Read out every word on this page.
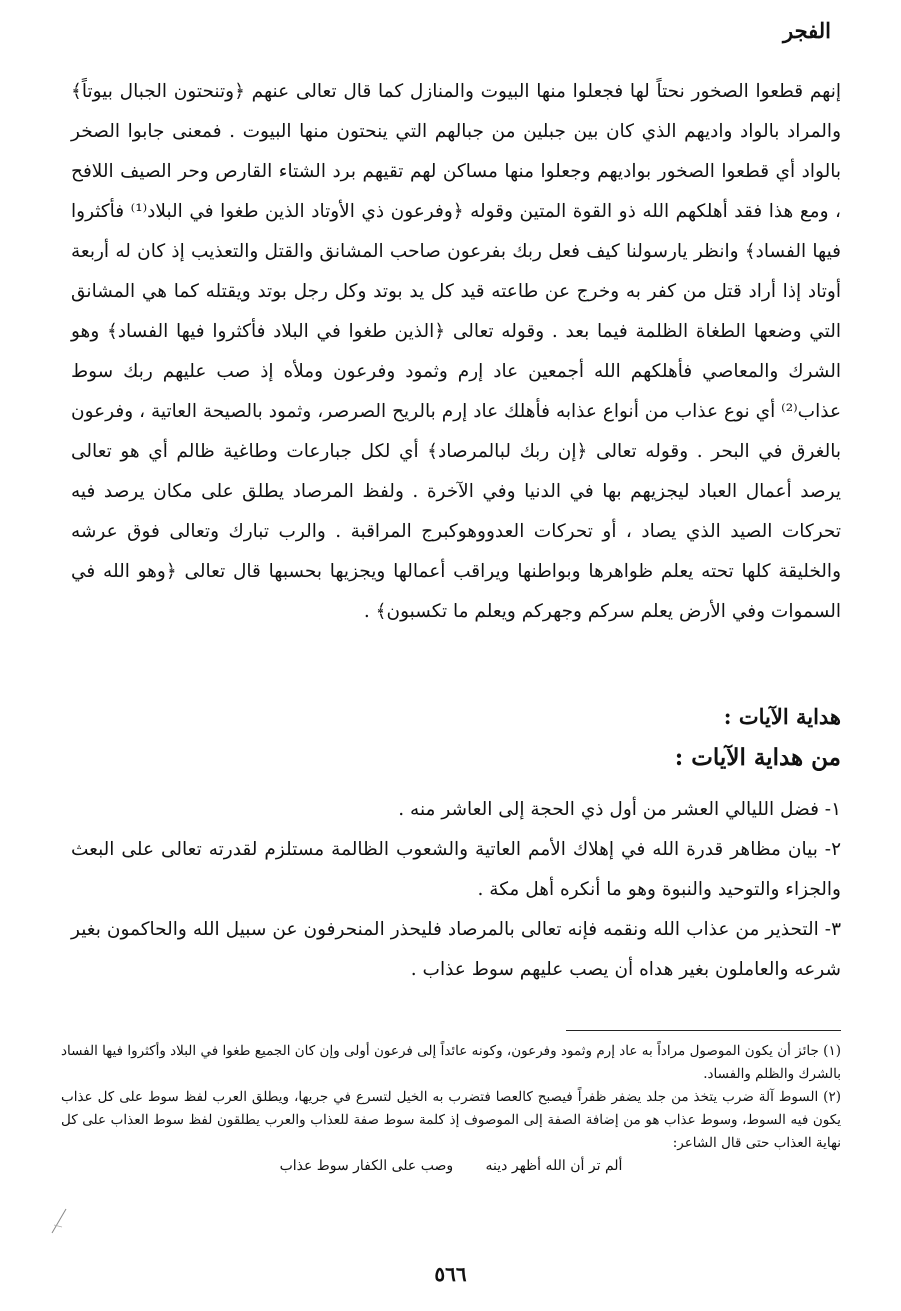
الفجر

إنهم قطعوا الصخور نحتاً لها فجعلوا منها البيوت والمنازل كما قال تعالى عنهم ﴿وتنحتون الجبال بيوتاً﴾ والمراد بالواد واديهم الذي كان بين جبلين من جبالهم التي ينحتون منها البيوت . فمعنى جابوا الصخر بالواد أي قطعوا الصخور بواديهم وجعلوا منها مساكن لهم تقيهم برد الشتاء القارص وحر الصيف اللافح ، ومع هذا فقد أهلكهم الله ذو القوة المتين وقوله ﴿وفرعون ذي الأوتاد الذين طغوا في البلاد⁽¹⁾ فأكثروا فيها الفساد﴾ وانظر يارسولنا كيف فعل ربك بفرعون صاحب المشانق والقتل والتعذيب إذ كان له أربعة أوتاد إذا أراد قتل من كفر به وخرج عن طاعته قيد كل يد بوتد وكل رجل بوتد ويقتله كما هي المشانق التي وضعها الطغاة الظلمة فيما بعد . وقوله تعالى ﴿الذين طغوا في البلاد فأكثروا فيها الفساد﴾ وهو الشرك والمعاصي فأهلكهم الله أجمعين عاد إرم وثمود وفرعون وملأه إذ صب عليهم ربك سوط عذاب⁽²⁾ أي نوع عذاب من أنواع عذابه فأهلك عاد إرم بالريح الصرصر، وثمود بالصيحة العاتية ، وفرعون بالغرق في البحر . وقوله تعالى ﴿إن ربك لبالمرصاد﴾ أي لكل جبارعات وطاغية ظالم أي هو تعالى يرصد أعمال العباد ليجزيهم بها في الدنيا وفي الآخرة . ولفظ المرصاد يطلق على مكان يرصد فيه تحركات الصيد الذي يصاد ، أو تحركات العدووهوكبرج المراقبة . والرب تبارك وتعالى فوق عرشه والخليقة كلها تحته يعلم ظواهرها وبواطنها ويراقب أعمالها ويجزيها بحسبها قال تعالى ﴿وهو الله في السموات وفي الأرض يعلم سركم وجهركم ويعلم ما تكسبون﴾ .

هداية الآيات :
من هداية الآيات :

١- فضل الليالي العشر من أول ذي الحجة إلى العاشر منه .

٢- بيان مظاهر قدرة الله في إهلاك الأمم العاتية والشعوب الظالمة مستلزم لقدرته تعالى على البعث والجزاء والتوحيد والنبوة وهو ما أنكره أهل مكة .

٣- التحذير من عذاب الله ونقمه فإنه تعالى بالمرصاد فليحذر المنحرفون عن سبيل الله والحاكمون بغير شرعه والعاملون بغير هداه أن يصب عليهم سوط عذاب .

(١) جائز أن يكون الموصول مراداً به عاد إرم وثمود وفرعون، وكونه عائداً إلى فرعون أولى وإن كان الجميع طغوا في البلاد وأكثروا فيها الفساد بالشرك والظلم والفساد.

(٢) السوط آلة ضرب يتخذ من جلد يضفر ظفراً فيصبح كالعصا فتضرب به الخيل لتسرع في جريها، ويطلق العرب لفظ سوط على كل عذاب يكون فيه السوط، وسوط عذاب هو من إضافة الصفة إلى الموصوف إذ كلمة سوط صفة للعذاب والعرب يطلقون لفظ سوط العذاب على كل نهاية العذاب حتى قال الشاعر:

ألم تر أن الله أظهر دينه وصب على الكفار سوط عذاب
٥٦٦
